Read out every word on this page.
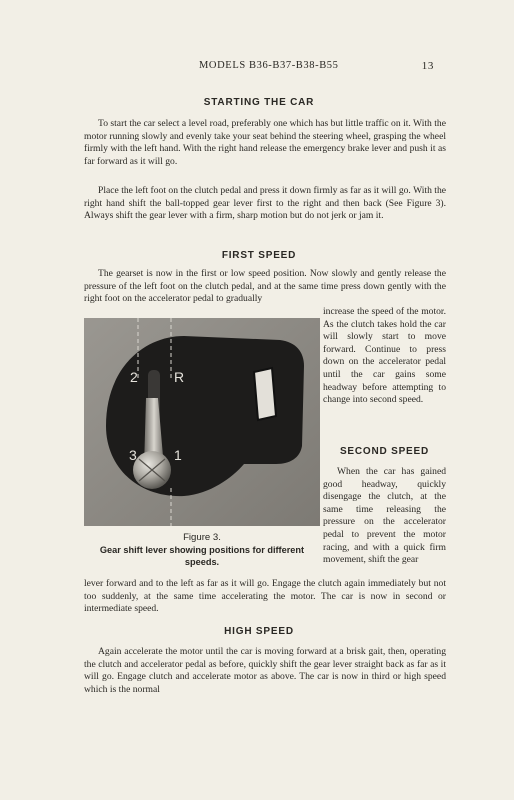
MODELS B36-B37-B38-B55	13
STARTING THE CAR

To start the car select a level road, preferably one which has but little traffic on it. With the motor running slowly and evenly take your seat behind the steering wheel, grasping the wheel firmly with the left hand. With the right hand release the emergency brake lever and push it as far forward as it will go.

Place the left foot on the clutch pedal and press it down firmly as far as it will go. With the right hand shift the ball-topped gear lever first to the right and then back (See Figure 3). Always shift the gear lever with a firm, sharp motion but do not jerk or jam it.

FIRST SPEED

The gearset is now in the first or low speed position. Now slowly and gently release the pressure of the left foot on the clutch pedal, and at the same time press down gently with the right foot on the accelerator pedal to gradually

increase the speed of the motor. As the clutch takes hold the car will slowly start to move forward. Continue to press down on the accelerator pedal until the car gains some headway before attempting to change into second speed.

2	R
3	1
Figure 3.
Gear shift lever showing positions for different speeds.
SECOND SPEED

When the car has gained good headway, quickly disengage the clutch, at the same time releasing the pressure on the accelerator pedal to prevent the motor racing, and with a quick firm movement, shift the gear

lever forward and to the left as far as it will go. Engage the clutch again immediately but not too suddenly, at the same time accelerating the motor. The car is now in second or intermediate speed.

HIGH SPEED

Again accelerate the motor until the car is moving forward at a brisk gait, then, operating the clutch and accelerator pedal as before, quickly shift the gear lever straight back as far as it will go. Engage clutch and accelerate motor as above. The car is now in third or high speed which is the normal
